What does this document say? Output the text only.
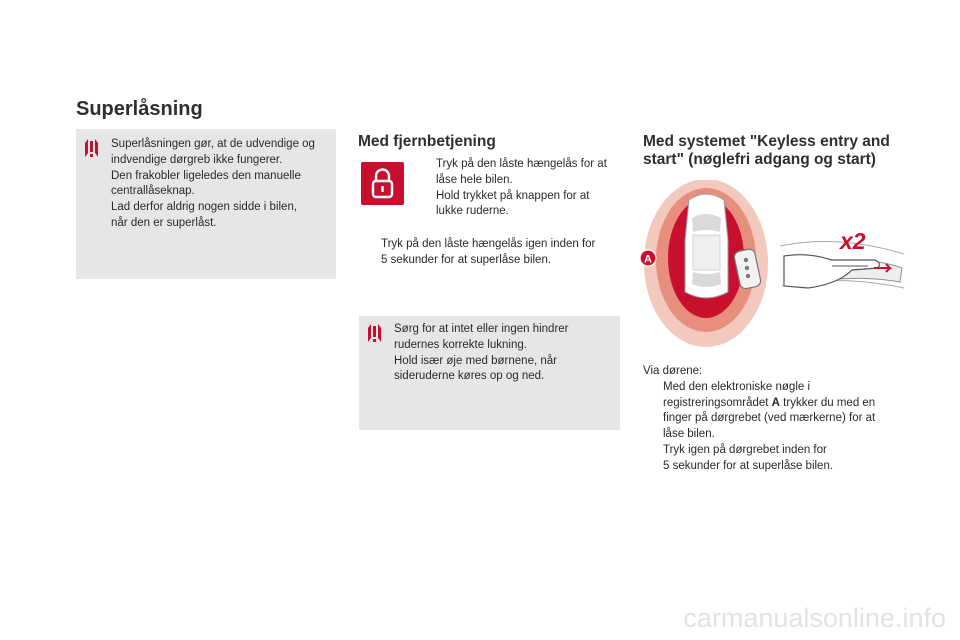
Superlåsning

Superlåsningen gør, at de udvendige og

indvendige dørgreb ikke fungerer.

Den frakobler ligeledes den manuelle

centrallåseknap.

Lad derfor aldrig nogen sidde i bilen,

når den er superlåst.

Med fjernbetjening

Tryk på den låste hængelås for at

låse hele bilen.

Hold trykket på knappen for at

lukke ruderne.

Tryk på den låste hængelås igen inden for

5 sekunder for at superlåse bilen.

Sørg for at intet eller ingen hindrer

rudernes korrekte lukning.

Hold især øje med børnene, når

sideruderne køres op og ned.

Med systemet "Keyless entry and
start" (nøglefri adgang og start)
A
x2

Via dørene:

Med den elektroniske nøgle i

registreringsområdet A trykker du med en

finger på dørgrebet (ved mærkerne) for at

låse bilen.

Tryk igen på dørgrebet inden for

5 sekunder for at superlåse bilen.

carmanualsonline.info
